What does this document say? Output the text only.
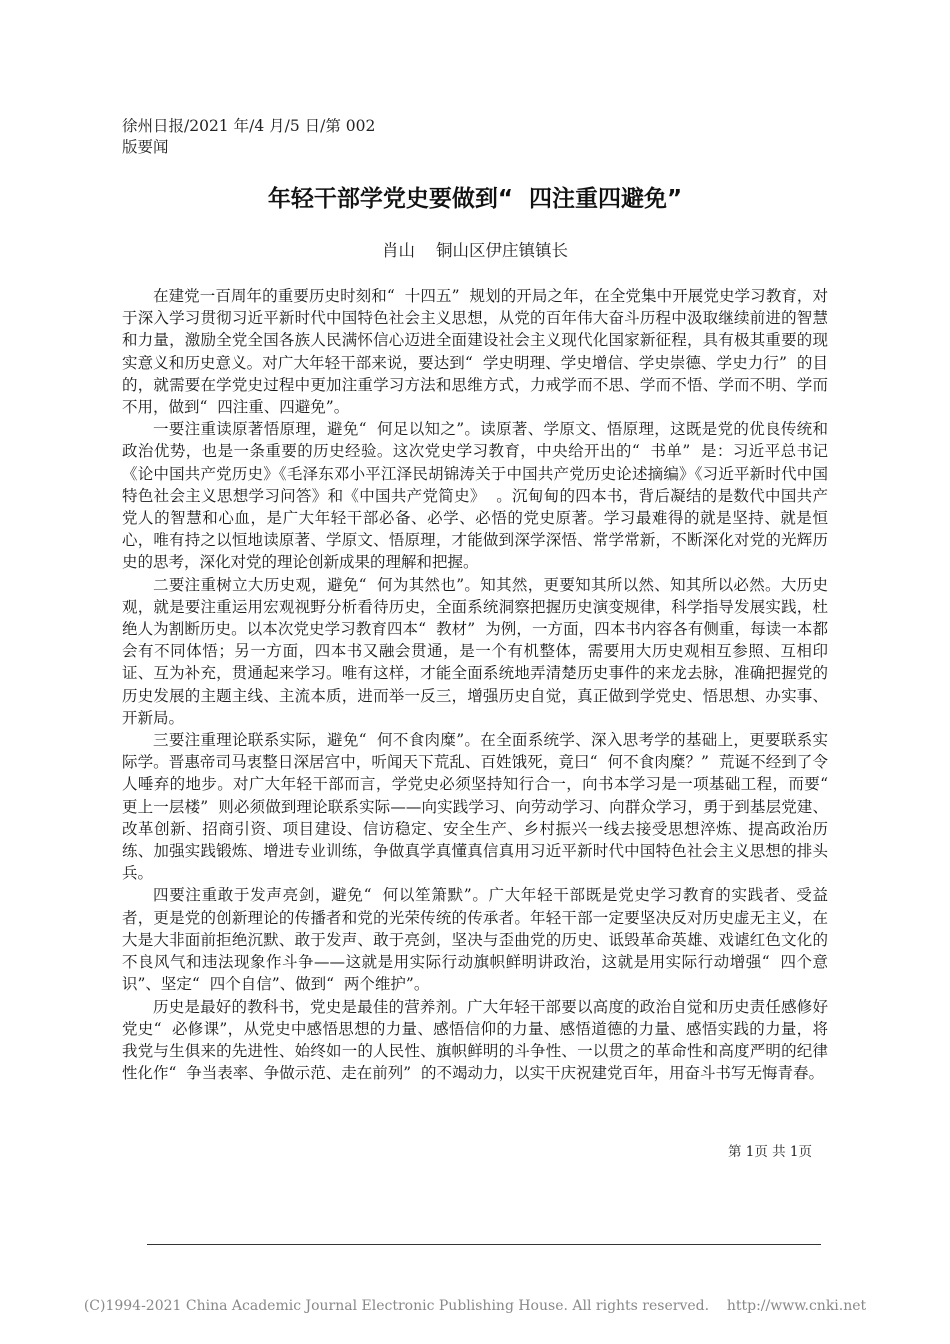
徐州日报/2021 年/4 月/5 日/第 002
版要闻
年轻干部学党史要做到“  四注重四避免”
肖山    铜山区伊庄镇镇长

在建党一百周年的重要历史时刻和“  十四五”  规划的开局之年，在全党集中开展党史学习教育，对于深入学习贯彻习近平新时代中国特色社会主义思想，从党的百年伟大奋斗历程中汲取继续前进的智慧和力量，激励全党全国各族人民满怀信心迈进全面建设社会主义现代化国家新征程，具有极其重要的现实意义和历史意义。对广大年轻干部来说，要达到“  学史明理、学史增信、学史崇德、学史力行”  的目的，就需要在学党史过程中更加注重学习方法和思维方式，力戒学而不思、学而不悟、学而不明、学而不用，做到“  四注重、四避免”。

一要注重读原著悟原理，避免“  何足以知之”。读原著、学原文、悟原理，这既是党的优良传统和政治优势，也是一条重要的历史经验。这次党史学习教育，中央给开出的“  书单”  是：习近平总书记  《论中国共产党历史》《毛泽东邓小平江泽民胡锦涛关于中国共产党历史论述摘编》《习近平新时代中国特色社会主义思想学习问答》和《中国共产党简史》  。沉甸甸的四本书，背后凝结的是数代中国共产党人的智慧和心血，是广大年轻干部必备、必学、必悟的党史原著。学习最难得的就是坚持、就是恒心，唯有持之以恒地读原著、学原文、悟原理，才能做到深学深悟、常学常新，不断深化对党的光辉历史的思考，深化对党的理论创新成果的理解和把握。

二要注重树立大历史观，避免“  何为其然也”。知其然，更要知其所以然、知其所以必然。大历史观，就是要注重运用宏观视野分析看待历史，全面系统洞察把握历史演变规律，科学指导发展实践，杜绝人为割断历史。以本次党史学习教育四本“  教材”  为例，一方面，四本书内容各有侧重，每读一本都会有不同体悟；另一方面，四本书又融会贯通，是一个有机整体，需要用大历史观相互参照、互相印证、互为补充，贯通起来学习。唯有这样，才能全面系统地弄清楚历史事件的来龙去脉，准确把握党的历史发展的主题主线、主流本质，进而举一反三，增强历史自觉，真正做到学党史、悟思想、办实事、开新局。

三要注重理论联系实际，避免“  何不食肉糜”。在全面系统学、深入思考学的基础上，更要联系实际学。晋惠帝司马衷整日深居宫中，听闻天下荒乱、百姓饿死，竟曰“  何不食肉糜？”  荒诞不经到了令人唾弃的地步。对广大年轻干部而言，学党史必须坚持知行合一，向书本学习是一项基础工程，而要“  更上一层楼”  则必须做到理论联系实际——向实践学习、向劳动学习、向群众学习，勇于到基层党建、改革创新、招商引资、项目建设、信访稳定、安全生产、乡村振兴一线去接受思想淬炼、提高政治历练、加强实践锻炼、增进专业训练，争做真学真懂真信真用习近平新时代中国特色社会主义思想的排头兵。

四要注重敢于发声亮剑，避免“  何以笙箫默”。广大年轻干部既是党史学习教育的实践者、受益者，更是党的创新理论的传播者和党的光荣传统的传承者。年轻干部一定要坚决反对历史虚无主义，在大是大非面前拒绝沉默、敢于发声、敢于亮剑，坚决与歪曲党的历史、诋毁革命英雄、戏谑红色文化的不良风气和违法现象作斗争——这就是用实际行动旗帜鲜明讲政治，这就是用实际行动增强“  四个意识”、坚定“  四个自信”、做到“  两个维护”。

历史是最好的教科书，党史是最佳的营养剂。广大年轻干部要以高度的政治自觉和历史责任感修好党史“  必修课”，从党史中感悟思想的力量、感悟信仰的力量、感悟道德的力量、感悟实践的力量，将我党与生俱来的先进性、始终如一的人民性、旗帜鲜明的斗争性、一以贯之的革命性和高度严明的纪律性化作“  争当表率、争做示范、走在前列”  的不竭动力，以实干庆祝建党百年，用奋斗书写无悔青春。

第 1页 共 1页
(C)1994-2021 China Academic Journal Electronic Publishing House. All rights reserved.    http://www.cnki.net
